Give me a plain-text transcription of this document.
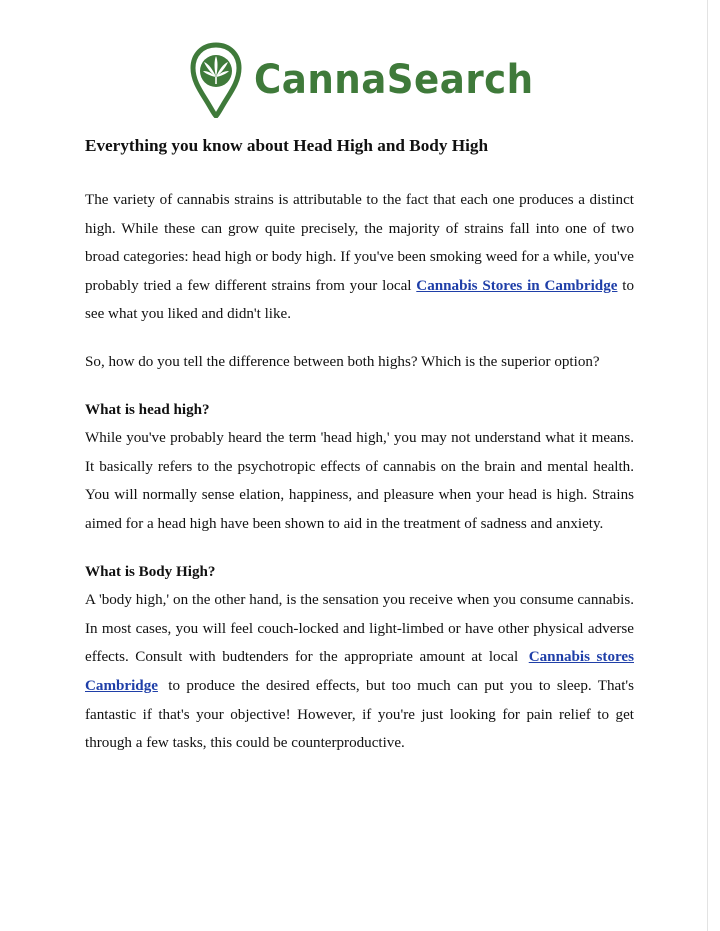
CannaSearch
Everything you know about Head High and Body High

The variety of cannabis strains is attributable to the fact that each one produces a distinct high. While these can grow quite precisely, the majority of strains fall into one of two broad categories: head high or body high. If you've been smoking weed for a while, you've probably tried a few different strains from your local Cannabis Stores in Cambridge to see what you liked and didn't like.

So, how do you tell the difference between both highs? Which is the superior option?

What is head high?

While you've probably heard the term 'head high,' you may not understand what it means. It basically refers to the psychotropic effects of cannabis on the brain and mental health. You will normally sense elation, happiness, and pleasure when your head is high. Strains aimed for a head high have been shown to aid in the treatment of sadness and anxiety.

What is Body High?

A 'body high,' on the other hand, is the sensation you receive when you consume cannabis. In most cases, you will feel couch-locked and light-limbed or have other physical adverse effects. Consult with budtenders for the appropriate amount at local Cannabis stores Cambridge to produce the desired effects, but too much can put you to sleep. That's fantastic if that's your objective! However, if you're just looking for pain relief to get through a few tasks, this could be counterproductive.
